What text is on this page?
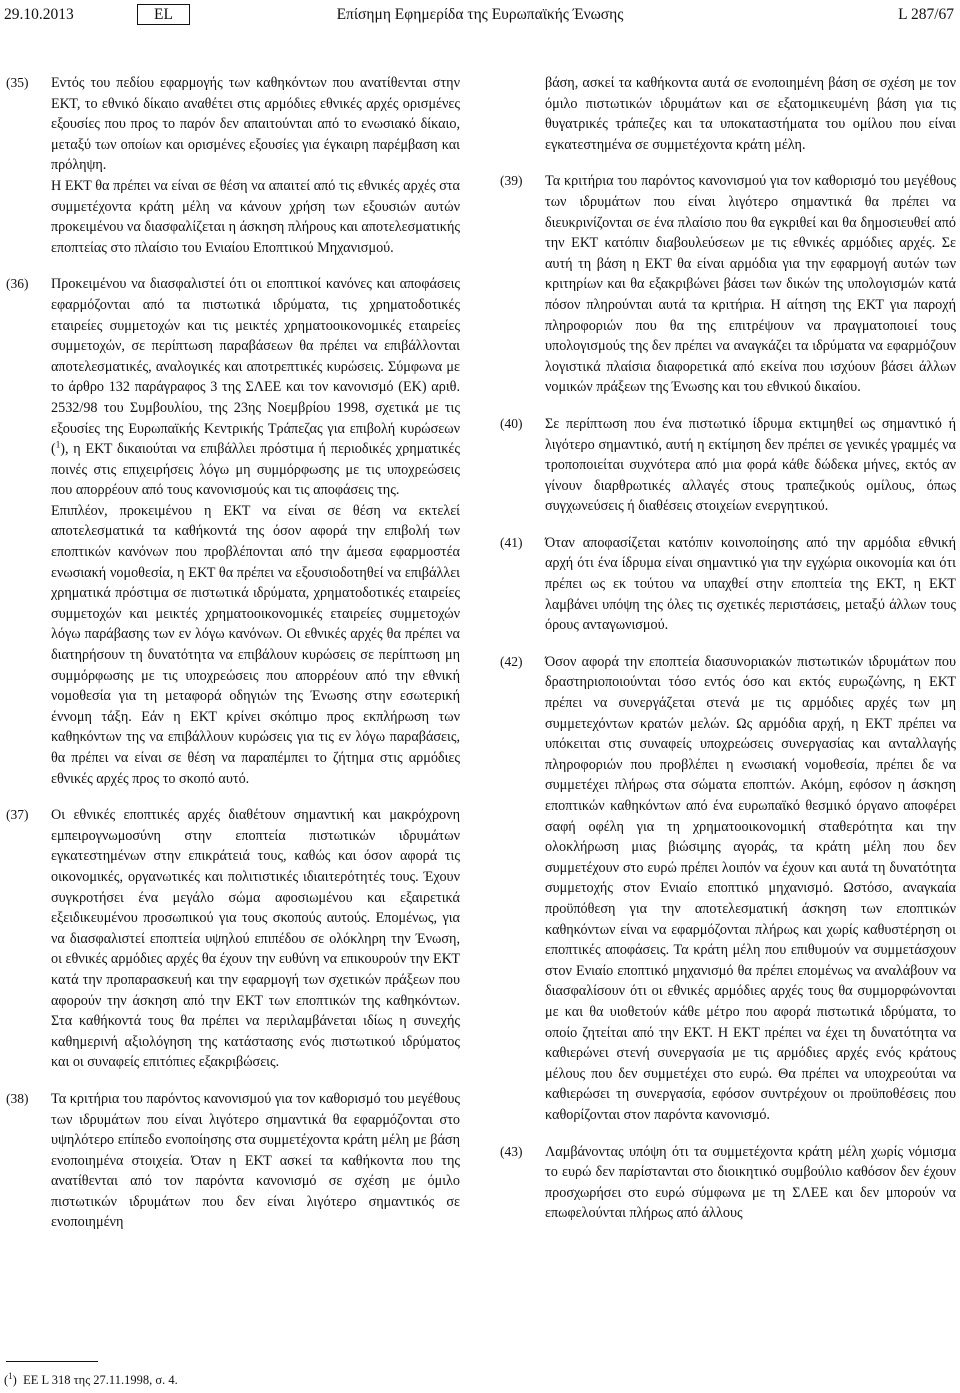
29.10.2013	EL	Επίσημη Εφημερίδα της Ευρωπαϊκής Ένωσης	L 287/67
(35)	Εντός του πεδίου εφαρμογής των καθηκόντων που ανατίθενται στην ΕΚΤ, το εθνικό δίκαιο αναθέτει στις αρμόδιες εθνικές αρχές ορισμένες εξουσίες που προς το παρόν δεν απαιτούνται από το ενωσιακό δίκαιο, μεταξύ των οποίων και ορισμένες εξουσίες για έγκαιρη παρέμβαση και πρόληψη.

Η ΕΚΤ θα πρέπει να είναι σε θέση να απαιτεί από τις εθνικές αρχές στα συμμετέχοντα κράτη μέλη να κάνουν χρήση των εξουσιών αυτών προκειμένου να διασφαλίζεται η άσκηση πλήρους και αποτελεσματικής εποπτείας στο πλαίσιο του Ενιαίου Εποπτικού Μηχανισμού.

(36)	Προκειμένου να διασφαλιστεί ότι οι εποπτικοί κανόνες και αποφάσεις εφαρμόζονται από τα πιστωτικά ιδρύματα, τις χρηματοδοτικές εταιρείες συμμετοχών και τις μεικτές χρηματοοικονομικές εταιρείες συμμετοχών, σε περίπτωση παραβάσεων θα πρέπει να επιβάλλονται αποτελεσματικές, αναλογικές και αποτρεπτικές κυρώσεις. Σύμφωνα με το άρθρο 132 παράγραφος 3 της ΣΛΕΕ και τον κανονισμό (ΕΚ) αριθ. 2532/98 του Συμβουλίου, της 23ης Νοεμβρίου 1998, σχετικά με τις εξουσίες της Ευρωπαϊκής Κεντρικής Τράπεζας για επιβολή κυρώσεων ($^1$), η ΕΚΤ δικαιούται να επιβάλλει πρόστιμα ή περιοδικές χρηματικές ποινές στις επιχειρήσεις λόγω μη συμμόρφωσης με τις υποχρεώσεις που απορρέουν από τους κανονισμούς και τις αποφάσεις της.

Επιπλέον, προκειμένου η ΕΚΤ να είναι σε θέση να εκτελεί αποτελεσματικά τα καθήκοντά της όσον αφορά την επιβολή των εποπτικών κανόνων που προβλέπονται από την άμεσα εφαρμοστέα ενωσιακή νομοθεσία, η ΕΚΤ θα πρέπει να εξουσιοδοτηθεί να επιβάλλει χρηματικά πρόστιμα σε πιστωτικά ιδρύματα, χρηματοδοτικές εταιρείες συμμετοχών και μεικτές χρηματοοικονομικές εταιρείες συμμετοχών λόγω παράβασης των εν λόγω κανόνων. Οι εθνικές αρχές θα πρέπει να διατηρήσουν τη δυνατότητα να επιβάλουν κυρώσεις σε περίπτωση μη συμμόρφωσης με τις υποχρεώσεις που απορρέουν από την εθνική νομοθεσία για τη μεταφορά οδηγιών της Ένωσης στην εσωτερική έννομη τάξη. Εάν η ΕΚΤ κρίνει σκόπιμο προς εκπλήρωση των καθηκόντων της να επιβάλλουν κυρώσεις για τις εν λόγω παραβάσεις, θα πρέπει να είναι σε θέση να παραπέμπει το ζήτημα στις αρμόδιες εθνικές αρχές προς το σκοπό αυτό.

(37)	Οι εθνικές εποπτικές αρχές διαθέτουν σημαντική και μακρόχρονη εμπειρογνωμοσύνη στην εποπτεία πιστωτικών ιδρυμάτων εγκατεστημένων στην επικράτειά τους, καθώς και όσον αφορά τις οικονομικές, οργανωτικές και πολιτιστικές ιδιαιτερότητές τους. Έχουν συγκροτήσει ένα μεγάλο σώμα αφοσιωμένου και εξαιρετικά εξειδικευμένου προσωπικού για τους σκοπούς αυτούς. Επομένως, για να διασφαλιστεί εποπτεία υψηλού επιπέδου σε ολόκληρη την Ένωση, οι εθνικές αρμόδιες αρχές θα έχουν την ευθύνη να επικουρούν την ΕΚΤ κατά την προπαρασκευή και την εφαρμογή των σχετικών πράξεων που αφορούν την άσκηση από την ΕΚΤ των εποπτικών της καθηκόντων. Στα καθήκοντά τους θα πρέπει να περιλαμβάνεται ιδίως η συνεχής καθημερινή αξιολόγηση της κατάστασης ενός πιστωτικού ιδρύματος και οι συναφείς επιτόπιες εξακριβώσεις.

(38)	Τα κριτήρια του παρόντος κανονισμού για τον καθορισμό του μεγέθους των ιδρυμάτων που είναι λιγότερο σημαντικά θα εφαρμόζονται στο υψηλότερο επίπεδο ενοποίησης στα συμμετέχοντα κράτη μέλη με βάση ενοποιημένα στοιχεία. Όταν η ΕΚΤ ασκεί τα καθήκοντα που της ανατίθενται από τον παρόντα κανονισμό σε σχέση με όμιλο πιστωτικών ιδρυμάτων που δεν είναι λιγότερο σημαντικός σε ενοποιημένη

βάση, ασκεί τα καθήκοντα αυτά σε ενοποιημένη βάση σε σχέση με τον όμιλο πιστωτικών ιδρυμάτων και σε εξατομικευμένη βάση για τις θυγατρικές τράπεζες και τα υποκαταστήματα του ομίλου που είναι εγκατεστημένα σε συμμετέχοντα κράτη μέλη.

(39)	Τα κριτήρια του παρόντος κανονισμού για τον καθορισμό του μεγέθους των ιδρυμάτων που είναι λιγότερο σημαντικά θα πρέπει να διευκρινίζονται σε ένα πλαίσιο που θα εγκριθεί και θα δημοσιευθεί από την ΕΚΤ κατόπιν διαβουλεύσεων με τις εθνικές αρμόδιες αρχές. Σε αυτή τη βάση η ΕΚΤ θα είναι αρμόδια για την εφαρμογή αυτών των κριτηρίων και θα εξακριβώνει βάσει των δικών της υπολογισμών κατά πόσον πληρούνται αυτά τα κριτήρια. Η αίτηση της ΕΚΤ για παροχή πληροφοριών που θα της επιτρέψουν να πραγματοποιεί τους υπολογισμούς της δεν πρέπει να αναγκάζει τα ιδρύματα να εφαρμόζουν λογιστικά πλαίσια διαφορετικά από εκείνα που ισχύουν βάσει άλλων νομικών πράξεων της Ένωσης και του εθνικού δικαίου.

(40)	Σε περίπτωση που ένα πιστωτικό ίδρυμα εκτιμηθεί ως σημαντικό ή λιγότερο σημαντικό, αυτή η εκτίμηση δεν πρέπει σε γενικές γραμμές να τροποποιείται συχνότερα από μια φορά κάθε δώδεκα μήνες, εκτός αν γίνουν διαρθρωτικές αλλαγές στους τραπεζικούς ομίλους, όπως συγχωνεύσεις ή διαθέσεις στοιχείων ενεργητικού.

(41)	Όταν αποφασίζεται κατόπιν κοινοποίησης από την αρμόδια εθνική αρχή ότι ένα ίδρυμα είναι σημαντικό για την εγχώρια οικονομία και ότι πρέπει ως εκ τούτου να υπαχθεί στην εποπτεία της ΕΚΤ, η ΕΚΤ λαμβάνει υπόψη της όλες τις σχετικές περιστάσεις, μεταξύ άλλων τους όρους ανταγωνισμού.

(42)	Όσον αφορά την εποπτεία διασυνοριακών πιστωτικών ιδρυμάτων που δραστηριοποιούνται τόσο εντός όσο και εκτός ευρωζώνης, η ΕΚΤ πρέπει να συνεργάζεται στενά με τις αρμόδιες αρχές των μη συμμετεχόντων κρατών μελών. Ως αρμόδια αρχή, η ΕΚΤ πρέπει να υπόκειται στις συναφείς υποχρεώσεις συνεργασίας και ανταλλαγής πληροφοριών που προβλέπει η ενωσιακή νομοθεσία, πρέπει δε να συμμετέχει πλήρως στα σώματα εποπτών. Ακόμη, εφόσον η άσκηση εποπτικών καθηκόντων από ένα ευρωπαϊκό θεσμικό όργανο αποφέρει σαφή οφέλη για τη χρηματοοικονομική σταθερότητα και την ολοκλήρωση μιας βιώσιμης αγοράς, τα κράτη μέλη που δεν συμμετέχουν στο ευρώ πρέπει λοιπόν να έχουν και αυτά τη δυνατότητα συμμετοχής στον Ενιαίο εποπτικό μηχανισμό. Ωστόσο, αναγκαία προϋπόθεση για την αποτελεσματική άσκηση των εποπτικών καθηκόντων είναι να εφαρμόζονται πλήρως και χωρίς καθυστέρηση οι εποπτικές αποφάσεις. Τα κράτη μέλη που επιθυμούν να συμμετάσχουν στον Ενιαίο εποπτικό μηχανισμό θα πρέπει επομένως να αναλάβουν να διασφαλίσουν ότι οι εθνικές αρμόδιες αρχές τους θα συμμορφώνονται με και θα υιοθετούν κάθε μέτρο που αφορά πιστωτικά ιδρύματα, το οποίο ζητείται από την ΕΚΤ. Η ΕΚΤ πρέπει να έχει τη δυνατότητα να καθιερώνει στενή συνεργασία με τις αρμόδιες αρχές ενός κράτους μέλους που δεν συμμετέχει στο ευρώ. Θα πρέπει να υποχρεούται να καθιερώσει τη συνεργασία, εφόσον συντρέχουν οι προϋποθέσεις που καθορίζονται στον παρόντα κανονισμό.

(43)	Λαμβάνοντας υπόψη ότι τα συμμετέχοντα κράτη μέλη χωρίς νόμισμα το ευρώ δεν παρίστανται στο διοικητικό συμβούλιο καθόσον δεν έχουν προσχωρήσει στο ευρώ σύμφωνα με τη ΣΛΕΕ και δεν μπορούν να επωφελούνται πλήρως από άλλους

($^1$)  ΕΕ L 318 της 27.11.1998, σ. 4.
